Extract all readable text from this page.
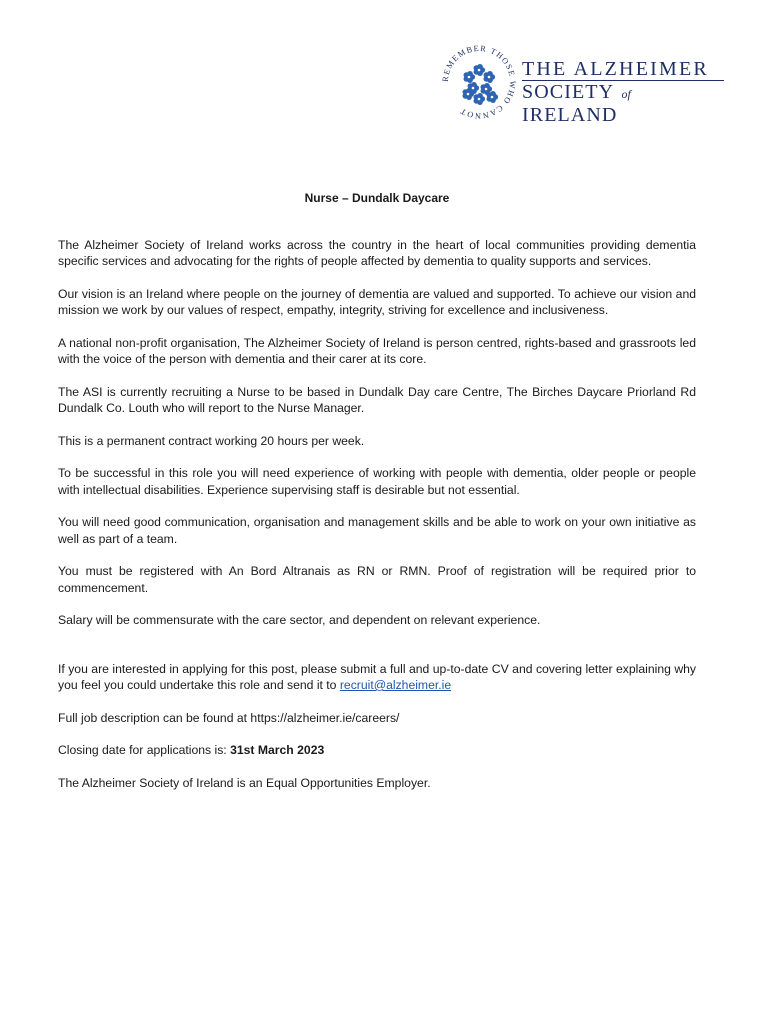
REMEMBER THOSE WHO CANNOT
THE ALZHEIMER
SOCIETY of IRELAND
Nurse – Dundalk Daycare

The Alzheimer Society of Ireland works across the country in the heart of local communities providing dementia specific services and advocating for the rights of people affected by dementia to quality supports and services.

Our vision is an Ireland where people on the journey of dementia are valued and supported. To achieve our vision and mission we work by our values of respect, empathy, integrity, striving for excellence and inclusiveness.

A national non-profit organisation, The Alzheimer Society of Ireland is person centred, rights-based and grassroots led with the voice of the person with dementia and their carer at its core.

The ASI is currently recruiting a Nurse to be based in Dundalk Day care Centre, The Birches Daycare Priorland Rd Dundalk Co. Louth who will report to the Nurse Manager.

This is a permanent contract working 20 hours per week.

To be successful in this role you will need experience of working with people with dementia, older people or people with intellectual disabilities. Experience supervising staff is desirable but not essential.

You will need good communication, organisation and management skills and be able to work on your own initiative as well as part of a team.

You must be registered with An Bord Altranais as RN or RMN. Proof of registration will be required prior to commencement.

Salary will be commensurate with the care sector, and dependent on relevant experience.

If you are interested in applying for this post, please submit a full and up-to-date CV and covering letter explaining why you feel you could undertake this role and send it to recruit@alzheimer.ie

Full job description can be found at https://alzheimer.ie/careers/

Closing date for applications is: 31st March 2023

The Alzheimer Society of Ireland is an Equal Opportunities Employer.
